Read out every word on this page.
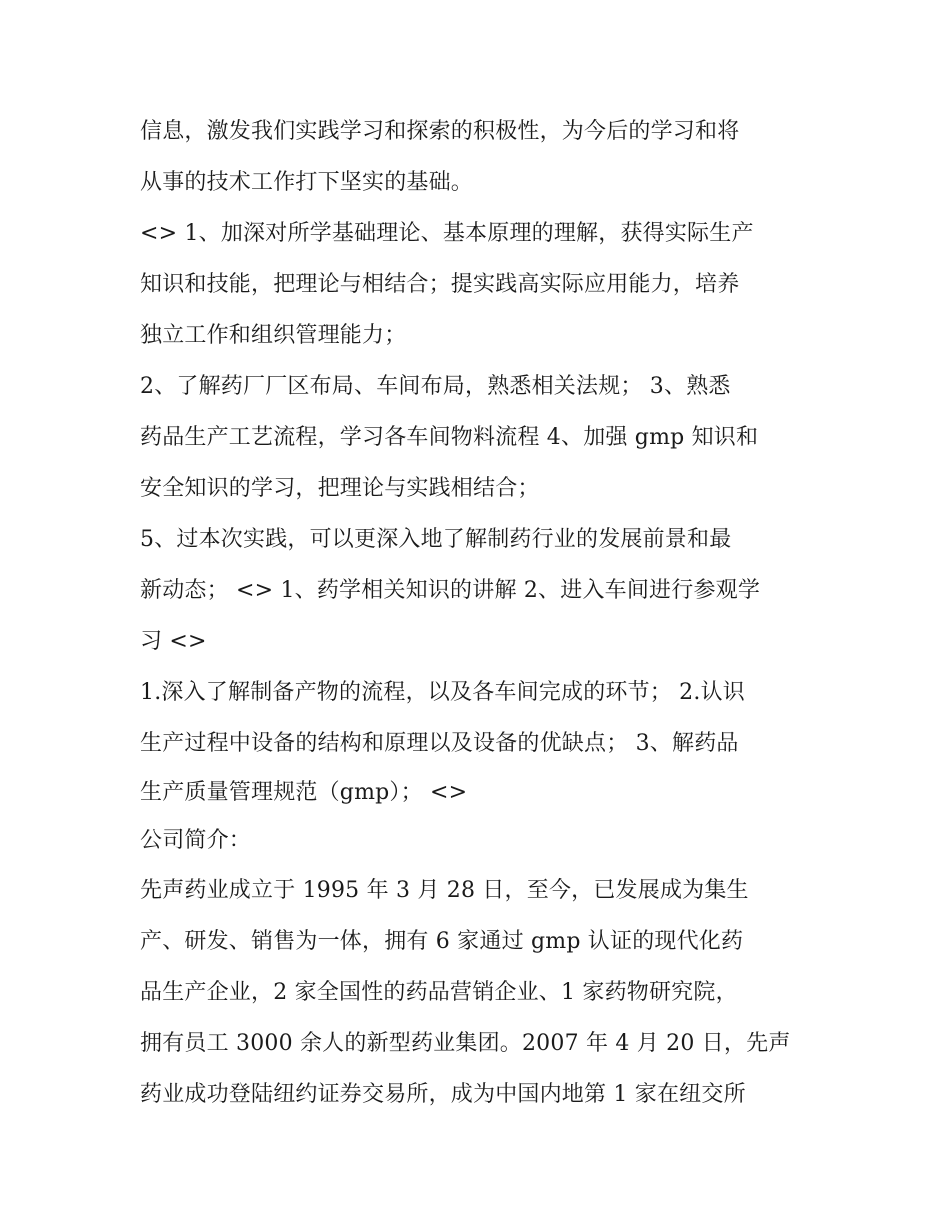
信息，激发我们实践学习和探索的积极性，为今后的学习和将
从事的技术工作打下坚实的基础。
<> 1、加深对所学基础理论、基本原理的理解，获得实际生产
知识和技能，把理论与相结合；提实践高实际应用能力，培养
独立工作和组织管理能力；
2、了解药厂厂区布局、车间布局，熟悉相关法规； 3、熟悉
药品生产工艺流程，学习各车间物料流程 4、加强 gmp 知识和
安全知识的学习，把理论与实践相结合；
5、过本次实践，可以更深入地了解制药行业的发展前景和最
新动态； <> 1、药学相关知识的讲解 2、进入车间进行参观学
习 <>
1.深入了解制备产物的流程，以及各车间完成的环节； 2.认识
生产过程中设备的结构和原理以及设备的优缺点； 3、解药品
生产质量管理规范（gmp）； <>
公司简介：
先声药业成立于 1995 年 3 月 28 日，至今，已发展成为集生
产、研发、销售为一体，拥有 6 家通过 gmp 认证的现代化药
品生产企业，2 家全国性的药品营销企业、1 家药物研究院，
拥有员工 3000 余人的新型药业集团。2007 年 4 月 20 日，先声
药业成功登陆纽约证券交易所，成为中国内地第 1 家在纽交所
